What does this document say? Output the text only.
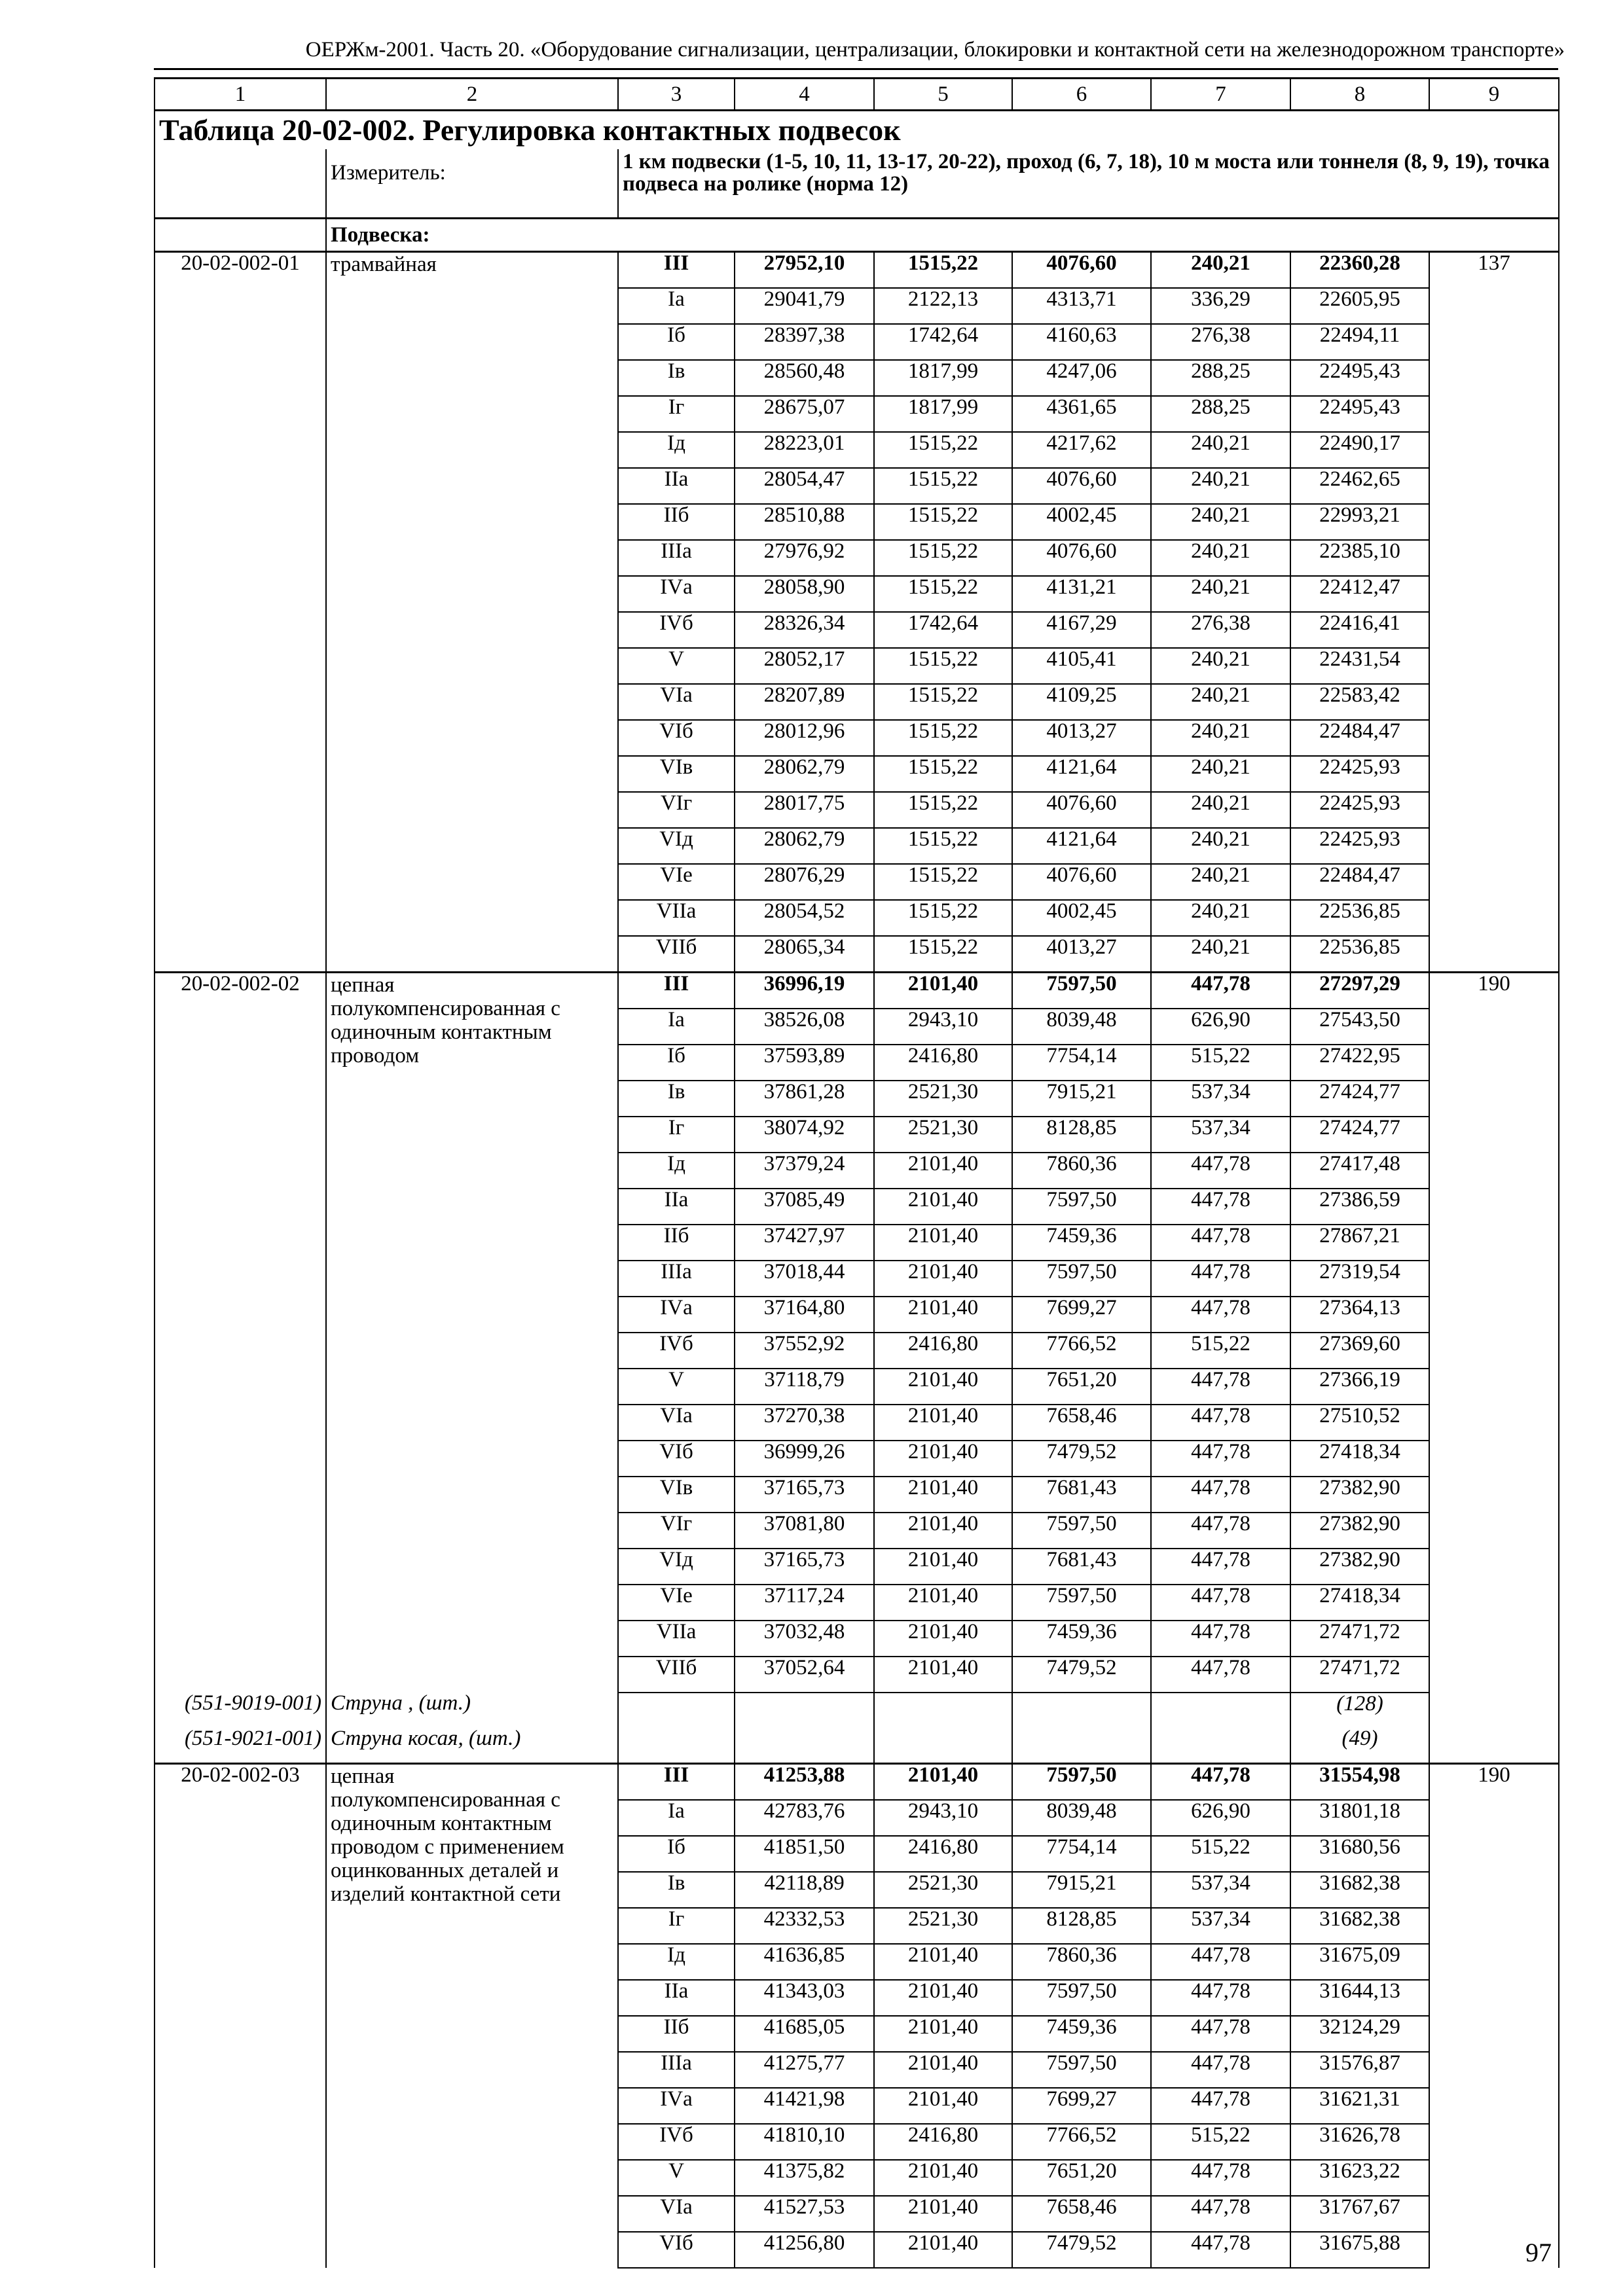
ОЕРЖм-2001. Часть 20. «Оборудование сигнализации, централизации, блокировки и контактной сети на железнодорожном транспорте»
1	2	3	4	5	6	7	8	9
Таблица 20-02-002. Регулировка контактных подвесок								
	Измеритель:	1 км подвески (1-5, 10, 11, 13-17, 20-22), проход (6, 7, 18), 10 м моста или тоннеля (8, 9, 19), точка подвеса на ролике (норма 12)						
	Подвеска:							
20-02-002-01	трамвайная	III	27952,10	1515,22	4076,60	240,21	22360,28	137
		Iа	29041,79	2122,13	4313,71	336,29	22605,95	
		Iб	28397,38	1742,64	4160,63	276,38	22494,11	
		Iв	28560,48	1817,99	4247,06	288,25	22495,43	
		Iг	28675,07	1817,99	4361,65	288,25	22495,43	
		Iд	28223,01	1515,22	4217,62	240,21	22490,17	
		IIа	28054,47	1515,22	4076,60	240,21	22462,65	
		IIб	28510,88	1515,22	4002,45	240,21	22993,21	
		IIIа	27976,92	1515,22	4076,60	240,21	22385,10	
		IVа	28058,90	1515,22	4131,21	240,21	22412,47	
		IVб	28326,34	1742,64	4167,29	276,38	22416,41	
		V	28052,17	1515,22	4105,41	240,21	22431,54	
		VIа	28207,89	1515,22	4109,25	240,21	22583,42	
		VIб	28012,96	1515,22	4013,27	240,21	22484,47	
		VIв	28062,79	1515,22	4121,64	240,21	22425,93	
		VIг	28017,75	1515,22	4076,60	240,21	22425,93	
		VIд	28062,79	1515,22	4121,64	240,21	22425,93	
		VIе	28076,29	1515,22	4076,60	240,21	22484,47	
		VIIа	28054,52	1515,22	4002,45	240,21	22536,85	
		VIIб	28065,34	1515,22	4013,27	240,21	22536,85	
20-02-002-02	цепная полукомпенсированная с одиночным контактным проводом	III	36996,19	2101,40	7597,50	447,78	27297,29	190
		Iа	38526,08	2943,10	8039,48	626,90	27543,50	
		Iб	37593,89	2416,80	7754,14	515,22	27422,95	
		Iв	37861,28	2521,30	7915,21	537,34	27424,77	
		Iг	38074,92	2521,30	8128,85	537,34	27424,77	
		Iд	37379,24	2101,40	7860,36	447,78	27417,48	
		IIа	37085,49	2101,40	7597,50	447,78	27386,59	
		IIб	37427,97	2101,40	7459,36	447,78	27867,21	
		IIIа	37018,44	2101,40	7597,50	447,78	27319,54	
		IVа	37164,80	2101,40	7699,27	447,78	27364,13	
		IVб	37552,92	2416,80	7766,52	515,22	27369,60	
		V	37118,79	2101,40	7651,20	447,78	27366,19	
		VIа	37270,38	2101,40	7658,46	447,78	27510,52	
		VIб	36999,26	2101,40	7479,52	447,78	27418,34	
		VIв	37165,73	2101,40	7681,43	447,78	27382,90	
		VIг	37081,80	2101,40	7597,50	447,78	27382,90	
		VIд	37165,73	2101,40	7681,43	447,78	27382,90	
		VIе	37117,24	2101,40	7597,50	447,78	27418,34	
		VIIа	37032,48	2101,40	7459,36	447,78	27471,72	
		VIIб	37052,64	2101,40	7479,52	447,78	27471,72	
(551-9019-001)	Струна , (шт.)						(128)	
(551-9021-001)	Струна косая, (шт.)						(49)	
20-02-002-03	цепная полукомпенсированная с одиночным контактным проводом с применением оцинкованных деталей и изделий контактной сети	III	41253,88	2101,40	7597,50	447,78	31554,98	190
		Iа	42783,76	2943,10	8039,48	626,90	31801,18	
		Iб	41851,50	2416,80	7754,14	515,22	31680,56	
		Iв	42118,89	2521,30	7915,21	537,34	31682,38	
		Iг	42332,53	2521,30	8128,85	537,34	31682,38	
		Iд	41636,85	2101,40	7860,36	447,78	31675,09	
		IIа	41343,03	2101,40	7597,50	447,78	31644,13	
		IIб	41685,05	2101,40	7459,36	447,78	32124,29	
		IIIа	41275,77	2101,40	7597,50	447,78	31576,87	
		IVа	41421,98	2101,40	7699,27	447,78	31621,31	
		IVб	41810,10	2416,80	7766,52	515,22	31626,78	
		V	41375,82	2101,40	7651,20	447,78	31623,22	
		VIа	41527,53	2101,40	7658,46	447,78	31767,67	
		VIб	41256,80	2101,40	7479,52	447,78	31675,88		97
